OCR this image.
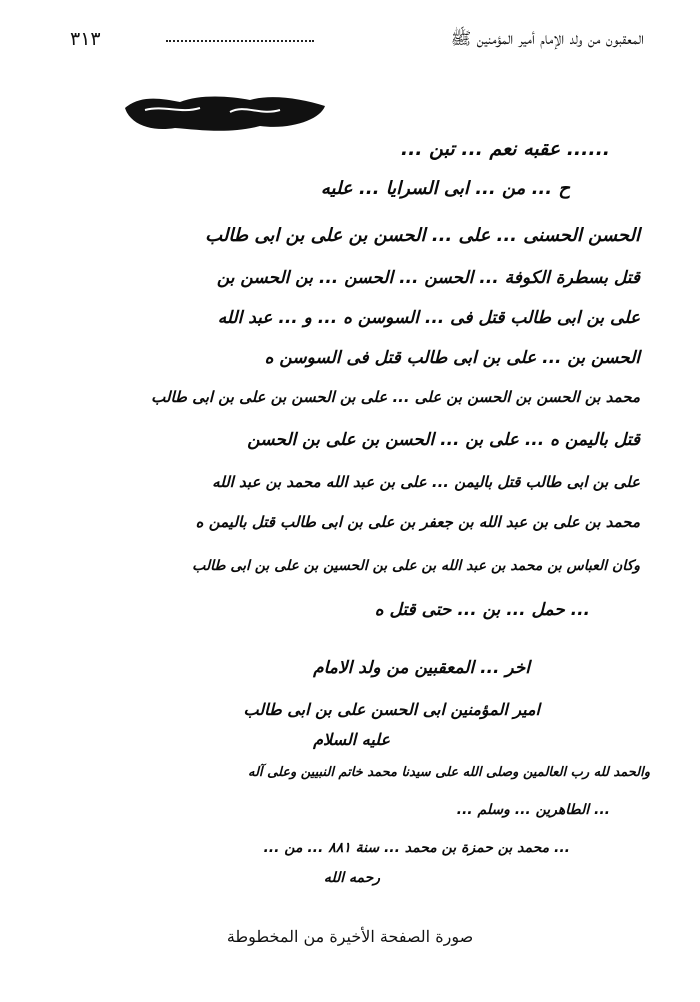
المعقبون من ولد الإمام أمير المؤمنين ﷺ
٣١٣
...... عقبه نعم ... تبن ...
ح ... من ... ابی السرایا ... علیه
الحسن الحسنی ... علی ... الحسن بن علی بن ابی طالب
قتل بسطرة الکوفة ... الحسن ... الحسن ... بن الحسن بن
علی بن ابی طالب قتل فی ... السوسن ه ... و ... عبد الله
الحسن بن ... علی بن ابی طالب قتل فی السوسن ه
محمد بن الحسن بن الحسن بن علی ... علی بن الحسن بن علی بن ابی طالب
قتل بالیمن ه ... علی بن ... الحسن بن علی بن الحسن
علی بن ابی طالب قتل بالیمن ... علی بن عبد الله محمد بن عبد الله
محمد بن علی بن عبد الله بن جعفر بن علی بن ابی طالب قتل بالیمن ه
وکان العباس بن محمد بن عبد الله بن علی بن الحسین بن علی بن ابی طالب
... حمل ... بن ... حتی قتل ه
اخر ... المعقبین من ولد الامام
امیر المؤمنین ابی الحسن علی بن ابی طالب
علیه السلام
والحمد لله رب العالمین وصلی الله علی سیدنا محمد خاتم النبیین وعلی آله
... الطاهرین ... وسلم ...
... محمد بن حمزة بن محمد ... سنة ٨٨١ ... من ...
رحمه الله
صورة الصفحة الأخيرة من المخطوطة
